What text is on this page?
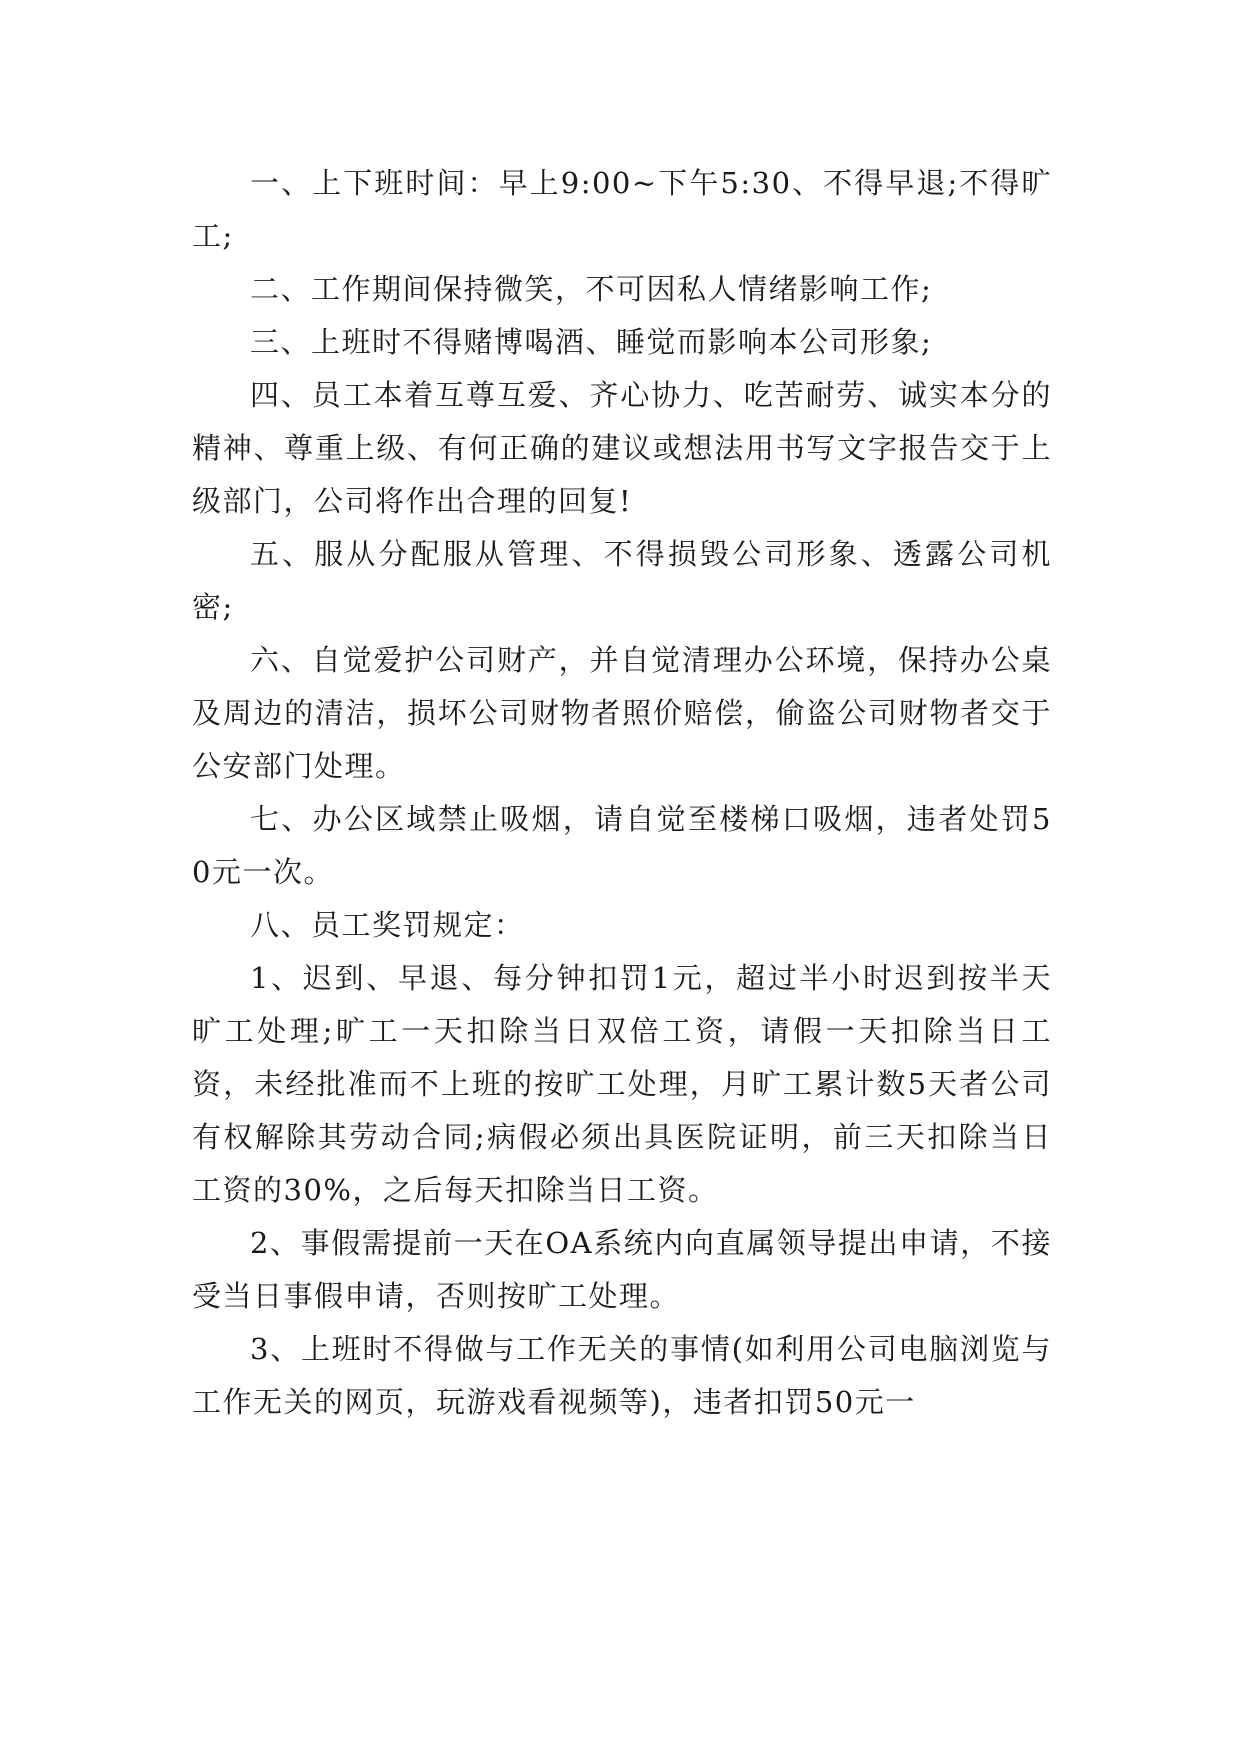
一、上下班时间：早上9:00~下午5:30、不得早退;不得旷工;

二、工作期间保持微笑，不可因私人情绪影响工作;

三、上班时不得赌博喝酒、睡觉而影响本公司形象;

四、员工本着互尊互爱、齐心协力、吃苦耐劳、诚实本分的精神、尊重上级、有何正确的建议或想法用书写文字报告交于上级部门，公司将作出合理的回复!

五、服从分配服从管理、不得损毁公司形象、透露公司机密;

六、自觉爱护公司财产，并自觉清理办公环境，保持办公桌及周边的清洁，损坏公司财物者照价赔偿，偷盗公司财物者交于公安部门处理。

七、办公区域禁止吸烟，请自觉至楼梯口吸烟，违者处罚50元一次。

八、员工奖罚规定：

1、迟到、早退、每分钟扣罚1元，超过半小时迟到按半天旷工处理;旷工一天扣除当日双倍工资，请假一天扣除当日工资，未经批准而不上班的按旷工处理，月旷工累计数5天者公司有权解除其劳动合同;病假必须出具医院证明，前三天扣除当日工资的30%，之后每天扣除当日工资。

2、事假需提前一天在OA系统内向直属领导提出申请，不接受当日事假申请，否则按旷工处理。

3、上班时不得做与工作无关的事情(如利用公司电脑浏览与工作无关的网页，玩游戏看视频等)，违者扣罚50元一
